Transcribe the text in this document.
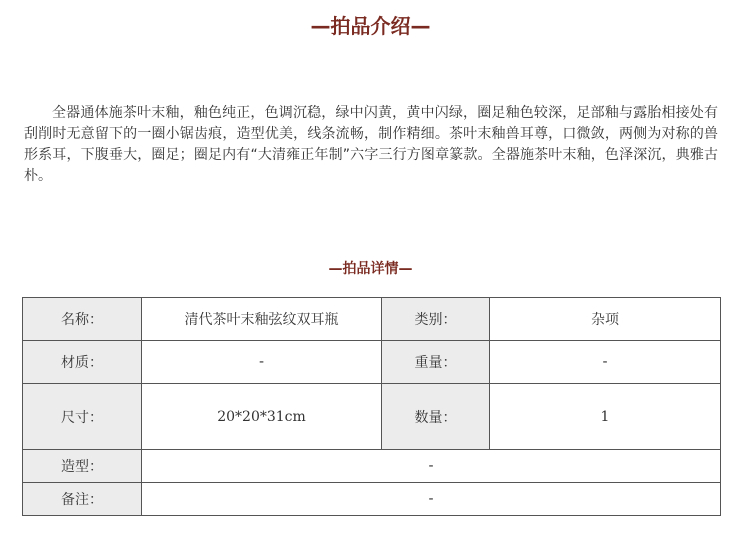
—拍品介绍—

全器通体施茶叶末釉，釉色纯正，色调沉稳，绿中闪黄，黄中闪绿，圈足釉色较深，足部釉与露胎相接处有刮削时无意留下的一圈小锯齿痕，造型优美，线条流畅，制作精细。茶叶末釉兽耳尊，口微敛，两侧为对称的兽形系耳，下腹垂大，圈足；圈足内有“大清雍正年制”六字三行方图章篆款。全器施茶叶末釉，色泽深沉，典雅古朴。

—拍品详情—
名称：	清代茶叶末釉弦纹双耳瓶	类别：	杂项
材质：	-	重量：	-
尺寸：	20*20*31cm	数量：	1
造型：	-		
备注：	-		
